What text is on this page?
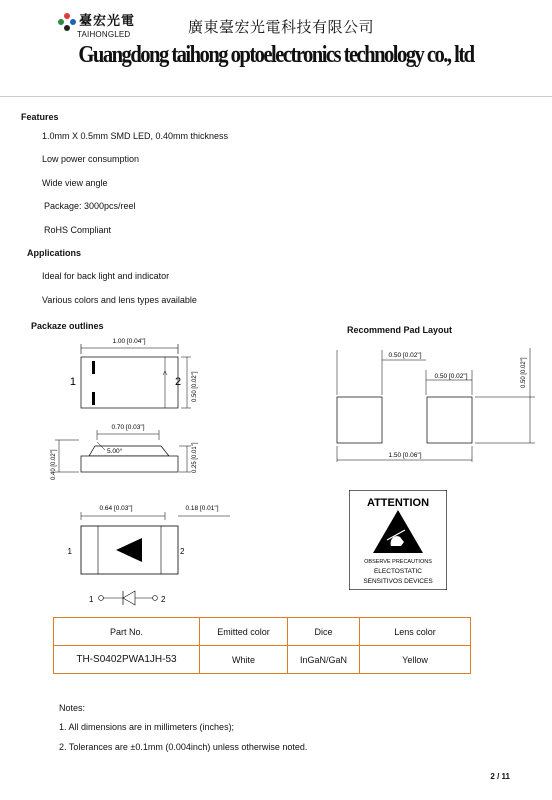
臺宏光電
TAIHONGLED	廣東臺宏光電科技有限公司
Guangdong taihong optoelectronics technology co., ltd
Features
1.0mm X 0.5mm SMD LED, 0.40mm thickness
Low power consumption
Wide view angle
Package: 3000pcs/reel
RoHS Compliant
Applications
Ideal for back light and indicator
Various colors and lens types available
Packaze outlines
1.00 [0.04"]
1	2 0.50 [0.02"]
0.70 [0.03"]
5.00°
0.40 [0.02"]	0.25 [0.01"]
0.64 [0.03"]	0.18 [0.01"]
1	2
1	2
Recommend Pad Layout
0.50 [0.02"]
0.50 [0.02"]	0.50 [0.02"]
1.50 [0.06"]
ATTENTION
OBSERVE PRECAUTIONS
ELECTOSTATIC
SENSITIVOS DEVICES
Part No.	Emitted color	Dice	Lens color
TH-S0402PWA1JH-53	White	InGaN/GaN	Yellow
Notes:
1. All dimensions are in millimeters (inches);
2. Tolerances are ±0.1mm (0.004inch) unless otherwise noted.
2 / 11
